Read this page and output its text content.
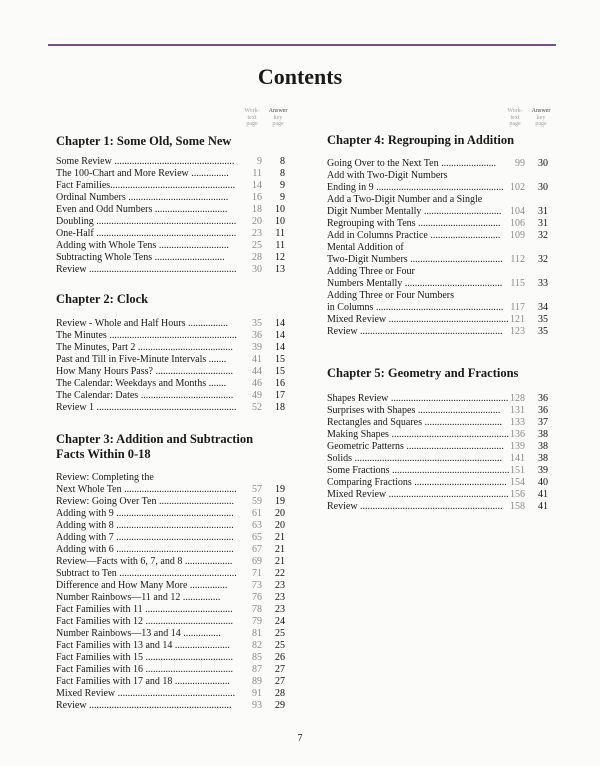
Contents
Work-
text
page
Answer
key
page
Chapter 1: Some Old, Some New
Some Review ................................................	9	8
The 100-Chart and More Review ...............	11	8
Fact Families..................................................	14	9
Ordinal Numbers ........................................	16	9
Even and Odd Numbers .............................	18	10
Doubling ........................................................	20	10
One-Half ........................................................	23	11
Adding with Whole Tens ............................	25	11
Subtracting Whole Tens ............................	28	12
Review ...........................................................	30	13
Chapter 2: Clock
Review - Whole and Half Hours ................	35	14
The Minutes ...................................................	36	14
The Minutes, Part 2 ......................................	39	14
Past and Till in Five-Minute Intervals .......	41	15
How Many Hours Pass? ...............................	44	15
The Calendar: Weekdays and Months .......	46	16
The Calendar: Dates .....................................	49	17
Review 1 ........................................................	52	18
Chapter 3: Addition and Subtraction
Facts Within 0-18
Review: Completing the
Next Whole Ten .............................................	57	19
Review: Going Over Ten ..............................	59	19
Adding with 9 ...............................................	61	20
Adding with 8 ...............................................	63	20
Adding with 7 ...............................................	65	21
Adding with 6 ...............................................	67	21
Review—Facts with 6, 7, and 8 ...................	69	21
Subtract to Ten ...............................................	71	22
Difference and How Many More ...............	73	23
Number Rainbows—11 and 12 ...............	76	23
Fact Families with 11 ...................................	78	23
Fact Families with 12 ...................................	79	24
Number Rainbows—13 and 14 ...............	81	25
Fact Families with 13 and 14 ......................	82	25
Fact Families with 15 ...................................	85	26
Fact Families with 16 ...................................	87	27
Fact Families with 17 and 18 ......................	89	27
Mixed Review ...............................................	91	28
Review .........................................................	93	29
Work-
text
page
Answer
key
page
Chapter 4: Regrouping in Addition
Going Over to the Next Ten ......................	99	30
Add with Two-Digit Numbers
Ending in 9 ................................................... 102	30
Add a Two-Digit Number and a Single
Digit Number Mentally ............................... 104	31
Regrouping with Tens ................................. 106	31
Add in Columns Practice ............................ 109	32
Mental Addition of
Two-Digit Numbers ..................................... 112	32
Adding Three or Four
Numbers Mentally ....................................... 115	33
Adding Three or Four Numbers
in Columns ................................................... 117	34
Mixed Review ................................................ 121	35
Review ......................................................... 123	35
Chapter 5: Geometry and Fractions
Shapes Review ............................................... 128	36
Surprises with Shapes ................................. 131	36
Rectangles and Squares ............................... 133	37
Making Shapes ............................................... 136	38
Geometric Patterns ....................................... 139	38
Solids ........................................................... 141	38
Some Fractions ............................................... 151	39
Comparing Fractions ..................................... 154	40
Mixed Review ................................................ 156	41
Review ......................................................... 158	41
7
